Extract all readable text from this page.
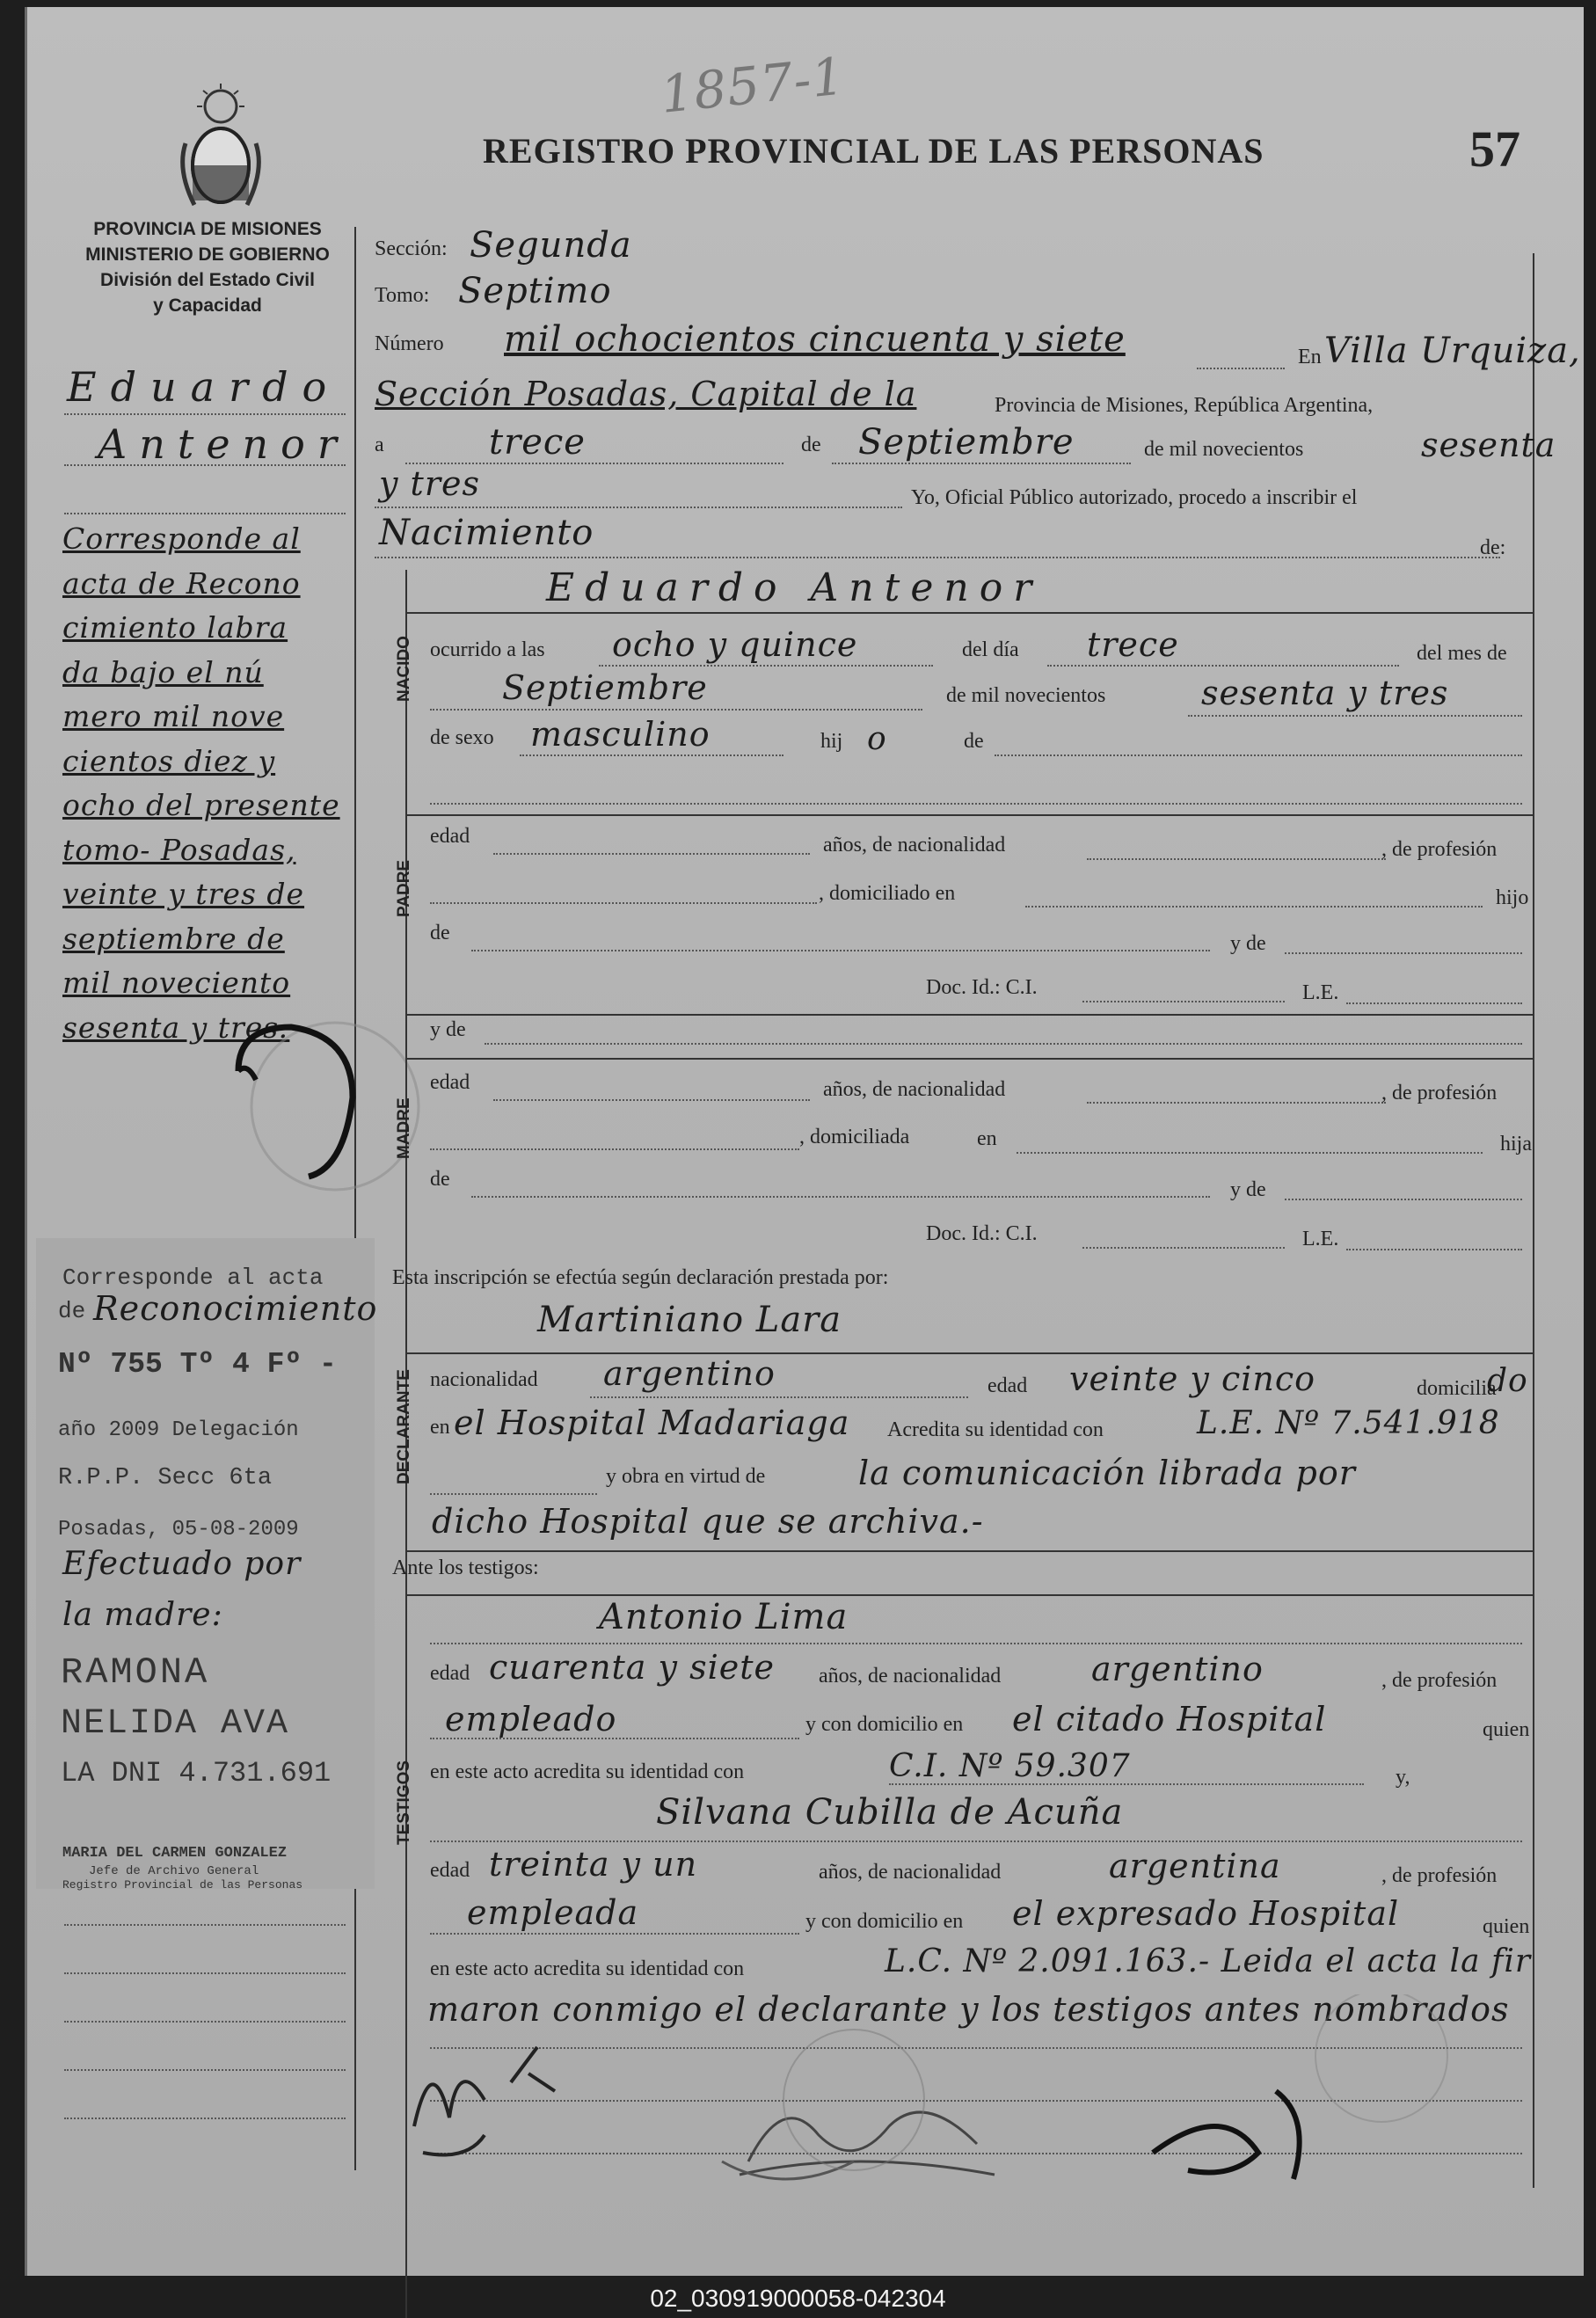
1857-1
PROVINCIA DE MISIONES
MINISTERIO DE GOBIERNO
División del Estado Civil
y Capacidad
REGISTRO PROVINCIAL DE LAS PERSONAS	57
Eduardo
Antenor
Corresponde al
acta de Recono
cimiento labra
da bajo el nú
mero mil nove
cientos diez y
ocho del presente
tomo- Posadas,
veinte y tres de
septiembre de
mil noveciento
sesenta y tres:
Corresponde al acta
de Reconocimiento
Nº 755 Tº 4 Fº -
año 2009 Delegación
R.P.P. Secc 6ta
Posadas, 05-08-2009
Efectuado por
la madre:
RAMONA
NELIDA AVA
LA DNI 4.731.691
MARIA DEL CARMEN GONZALEZ
Jefe de Archivo General
Registro Provincial de las Personas
Sección: Segunda
Tomo: Septimo
Número mil ochocientos cincuenta y siete	En Villa Urquiza,
Sección Posadas, Capital de la	Provincia de Misiones, República Argentina,
a	trece	de Septiembre	de mil novecientos	sesenta
y tres	Yo, Oficial Público autorizado, procedo a inscribir el
Nacimiento	de:
Eduardo Antenor
NACIDO ocurrido a las ocho y quince	del día trece	del mes de
Septiembre	de mil novecientos	sesenta y tres
de sexo masculino	hij o	de
PADRE
edad	años, de nacionalidad	, de profesión
, domiciliado en	hijo
de	y de
Doc. Id.: C.I.	L.E.
y de
MADRE
edad	años, de nacionalidad	, de profesión
, domiciliada	en	hija
de	y de
Doc. Id.: C.I.	L.E.
Esta inscripción se efectúa según declaración prestada por:
Martiniano Lara
DECLARANTE nacionalidad argentino	edad veinte y cinco	domicilia
do
en el Hospital Madariaga Acredita su identidad con	L.E. Nº 7.541.918
y obra en virtud de	la comunicación librada por
dicho Hospital que se archiva.-
Ante los testigos:
Antonio Lima
TESTIGOS
edad cuarenta y siete años, de nacionalidad	argentino	, de profesión
empleado	y con domicilio en el citado Hospital	quien
en este acto acredita su identidad con	C.I. Nº 59.307	y,
Silvana Cubilla de Acuña
edad treinta y un	años, de nacionalidad	argentina	, de profesión
empleada	y con domicilio en el expresado Hospital	quien
en este acto acredita su identidad con	L.C. Nº 2.091.163.- Leida el acta la fir
maron conmigo el declarante y los testigos antes nombrados
02_030919000058-042304
